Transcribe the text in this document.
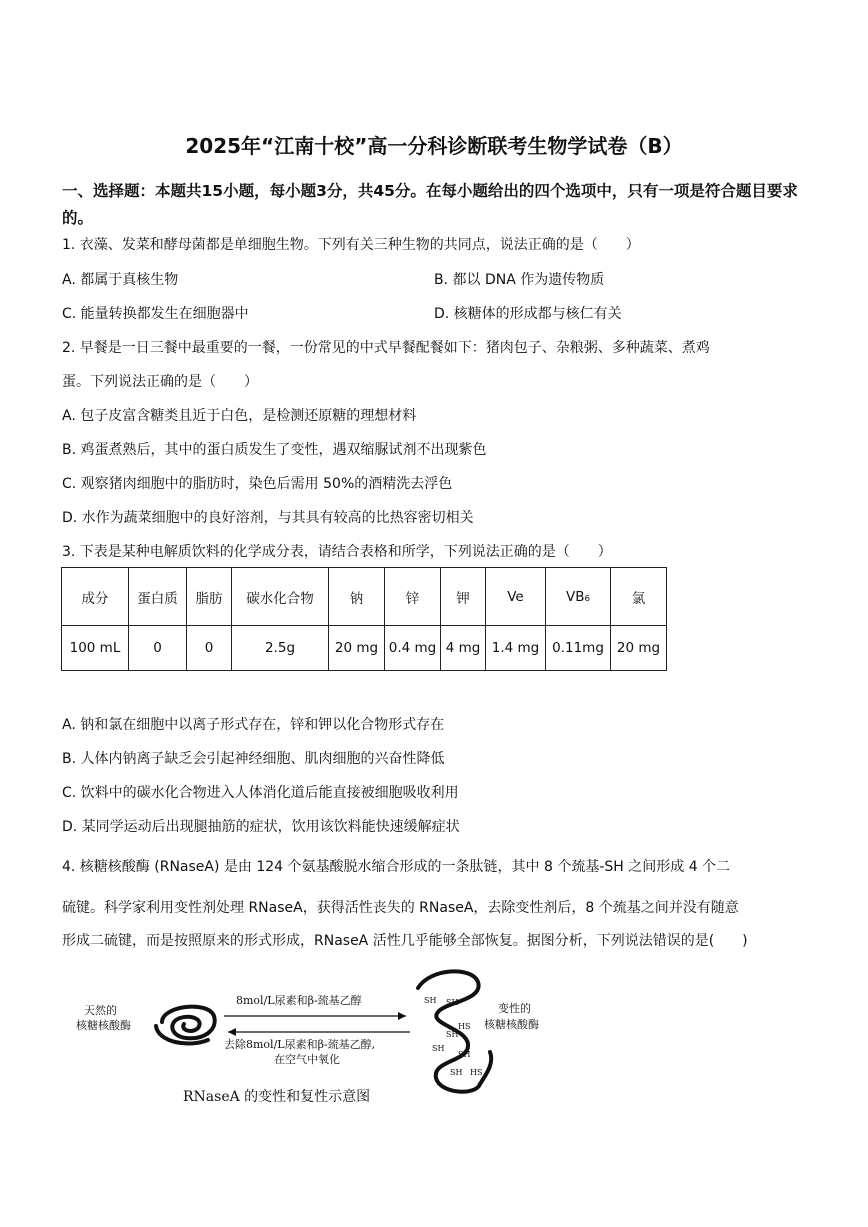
2025年“江南十校”高一分科诊断联考生物学试卷（B）
一、选择题：本题共15小题，每小题3分，共45分。在每小题给出的四个选项中，只有一项是符合题目要求的。
1. 衣藻、发菜和酵母菌都是单细胞生物。下列有关三种生物的共同点，说法正确的是（　　）
A. 都属于真核生物	B. 都以 DNA 作为遗传物质
C. 能量转换都发生在细胞器中	D. 核糖体的形成都与核仁有关
2. 早餐是一日三餐中最重要的一餐，一份常见的中式早餐配餐如下：猪肉包子、杂粮粥、多种蔬菜、煮鸡
蛋。下列说法正确的是（　　）
A. 包子皮富含糖类且近于白色，是检测还原糖的理想材料
B. 鸡蛋煮熟后，其中的蛋白质发生了变性，遇双缩脲试剂不出现紫色
C. 观察猪肉细胞中的脂肪时，染色后需用 50%的酒精洗去浮色
D. 水作为蔬菜细胞中的良好溶剂，与其具有较高的比热容密切相关
3. 下表是某种电解质饮料的化学成分表，请结合表格和所学，下列说法正确的是（　　）
成分	蛋白质	脂肪	碳水化合物	钠	锌	钾	Ve	VB₆	氯
100 mL	0	0	2.5g	20 mg	0.4 mg	4 mg	1.4 mg	0.11mg	20 mg
A. 钠和氯在细胞中以离子形式存在，锌和钾以化合物形式存在
B. 人体内钠离子缺乏会引起神经细胞、肌肉细胞的兴奋性降低
C. 饮料中的碳水化合物进入人体消化道后能直接被细胞吸收利用
D. 某同学运动后出现腿抽筋的症状，饮用该饮料能快速缓解症状
4. 核糖核酸酶 (RNaseA) 是由 124 个氨基酸脱水缩合形成的一条肽链，其中 8 个巯基-SH 之间形成 4 个二
硫键。科学家利用变性剂处理 RNaseA，获得活性丧失的 RNaseA，去除变性剂后，8 个巯基之间并没有随意
形成二硫键，而是按照原来的形式形成，RNaseA 活性几乎能够全部恢复。据图分析，下列说法错误的是(　　)
天然的
核糖核酸酶
8mol/L尿素和β-巯基乙醇
去除8mol/L尿素和β-巯基乙醇,
在空气中氧化
SH SH
HS
SH
SH
SH
SH HS
变性的
核糖核酸酶
RNaseA 的变性和复性示意图
